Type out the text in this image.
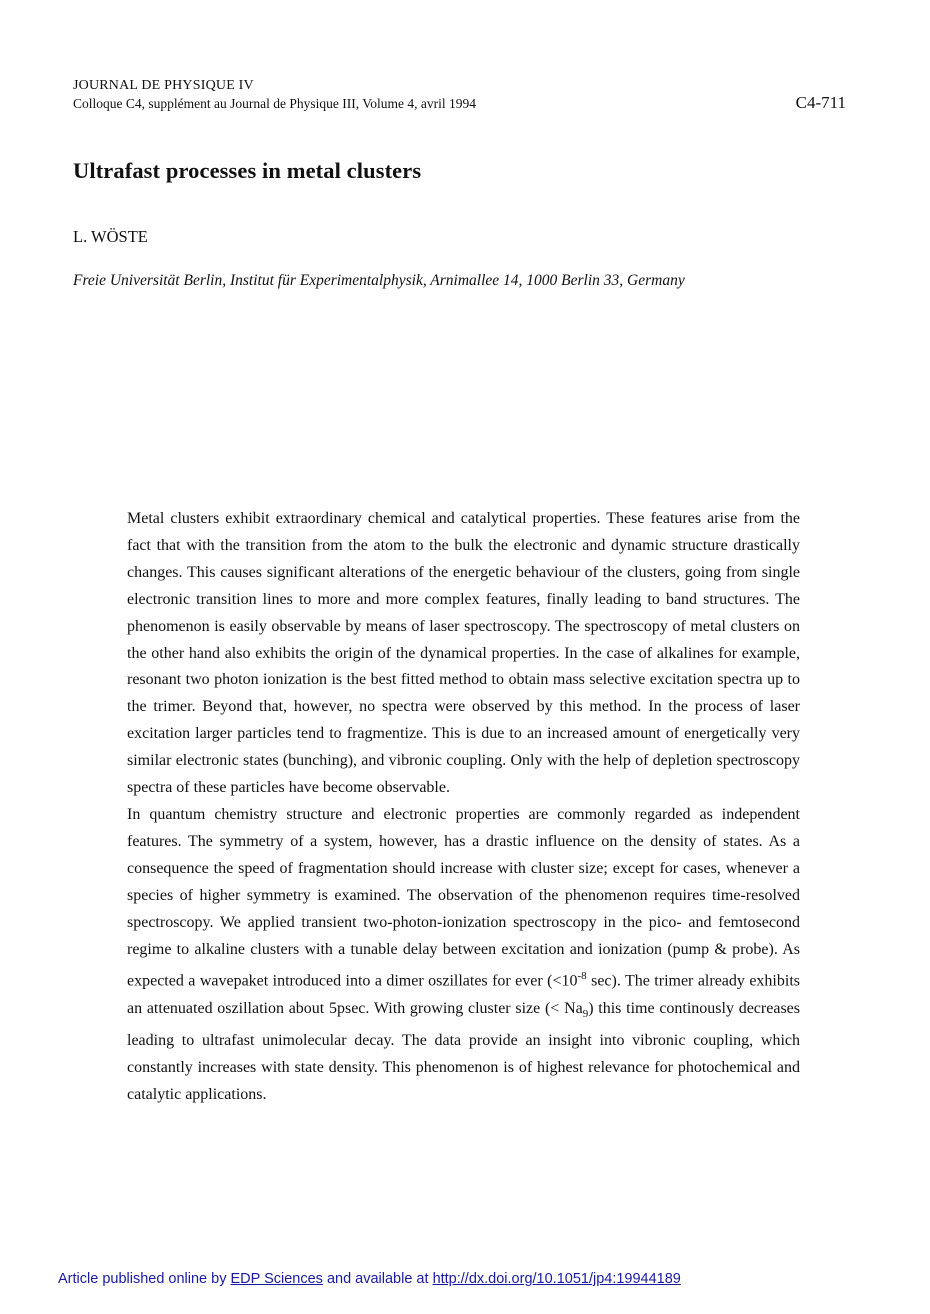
JOURNAL DE PHYSIQUE IV
Colloque C4, supplément au Journal de Physique III, Volume 4, avril 1994	C4-711
Ultrafast processes in metal clusters
L. WÖSTE
Freie Universität Berlin, Institut für Experimentalphysik, Arnimallee 14, 1000 Berlin 33, Germany

Metal clusters exhibit extraordinary chemical and catalytical properties. These features arise from the fact that with the transition from the atom to the bulk the electronic and dynamic structure drastically changes. This causes significant alterations of the energetic behaviour of the clusters, going from single electronic transition lines to more and more complex features, finally leading to band structures. The phenomenon is easily observable by means of laser spectroscopy. The spectroscopy of metal clusters on the other hand also exhibits the origin of the dynamical properties. In the case of alkalines for example, resonant two photon ionization is the best fitted method to obtain mass selective excitation spectra up to the trimer. Beyond that, however, no spectra were observed by this method. In the process of laser excitation larger particles tend to fragmentize. This is due to an increased amount of energetically very similar electronic states (bunching), and vibronic coupling. Only with the help of depletion spectroscopy spectra of these particles have become observable.

In quantum chemistry structure and electronic properties are commonly regarded as independent features. The symmetry of a system, however, has a drastic influence on the density of states. As a consequence the speed of fragmentation should increase with cluster size; except for cases, whenever a species of higher symmetry is examined. The observation of the phenomenon requires time-resolved spectroscopy. We applied transient two-photon-ionization spectroscopy in the pico- and femtosecond regime to alkaline clusters with a tunable delay between excitation and ionization (pump & probe). As expected a wavepaket introduced into a dimer oszillates for ever ($<10^{-8}$ sec). The trimer already exhibits an attenuated oszillation about 5psec. With growing cluster size (< $Na_9$) this time continously decreases leading to ultrafast unimolecular decay. The data provide an insight into vibronic coupling, which constantly increases with state density. This phenomenon is of highest relevance for photochemical and catalytic applications.

Article published online by EDP Sciences and available at http://dx.doi.org/10.1051/jp4:19944189
